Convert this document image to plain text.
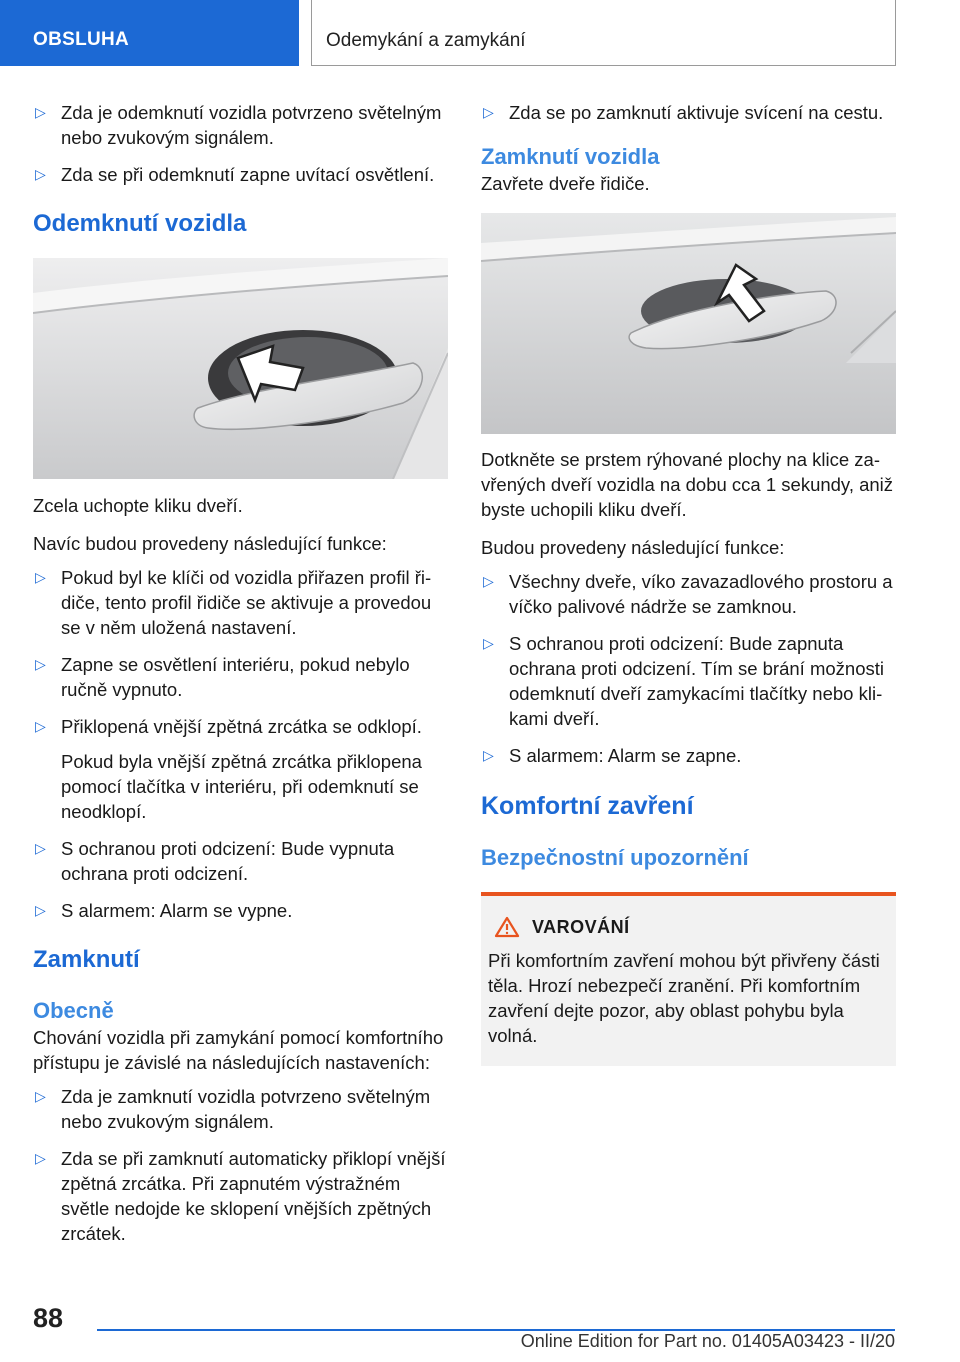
OBSLUHA	Odemykání a zamykání
▷ Zda je odemknutí vozidla potvrzeno světelným nebo zvukovým signálem.
▷ Zda se při odemknutí zapne uvítací osvětlení.
Odemknutí vozidla

Zcela uchopte kliku dveří.

Navíc budou provedeny následující funkce:

▷ Pokud byl ke klíči od vozidla přiřazen profil řidiče, tento profil řidiče se aktivuje a provedou se v něm uložená nastavení.
▷ Zapne se osvětlení interiéru, pokud nebylo ručně vypnuto.
▷ Přiklopená vnější zpětná zrcátka se odklopí.

Pokud byla vnější zpětná zrcátka přiklopena pomocí tlačítka v interiéru, při odemknutí se neodklopí.

▷ S ochranou proti odcizení: Bude vypnuta ochrana proti odcizení.
▷ S alarmem: Alarm se vypne.
Zamknutí
Obecně

Chování vozidla při zamykání pomocí komfortního přístupu je závislé na následujících nastaveních:

▷ Zda je zamknutí vozidla potvrzeno světelným nebo zvukovým signálem.
▷ Zda se při zamknutí automaticky přiklopí vnější zpětná zrcátka. Při zapnutém výstražném světle nedojde ke sklopení vnějších zpětných zrcátek.
▷ Zda se po zamknutí aktivuje svícení na cestu.
Zamknutí vozidla

Zavřete dveře řidiče.

Dotkněte se prstem rýhované plochy na klice zavřených dveří vozidla na dobu cca 1 sekundy, aniž byste uchopili kliku dveří.

Budou provedeny následující funkce:

▷ Všechny dveře, víko zavazadlového prostoru a víčko palivové nádrže se zamknou.
▷ S ochranou proti odcizení: Bude zapnuta ochrana proti odcizení. Tím se brání možnosti odemknutí dveří zamykacími tlačítky nebo klikami dveří.
▷ S alarmem: Alarm se zapne.
Komfortní zavření
Bezpečnostní upozornění
VAROVÁNÍ

Při komfortním zavření mohou být přivřeny části těla. Hrozí nebezpečí zranění. Při komfortním zavření dejte pozor, aby oblast pohybu byla volná.

88
Online Edition for Part no. 01405A03423 - II/20
